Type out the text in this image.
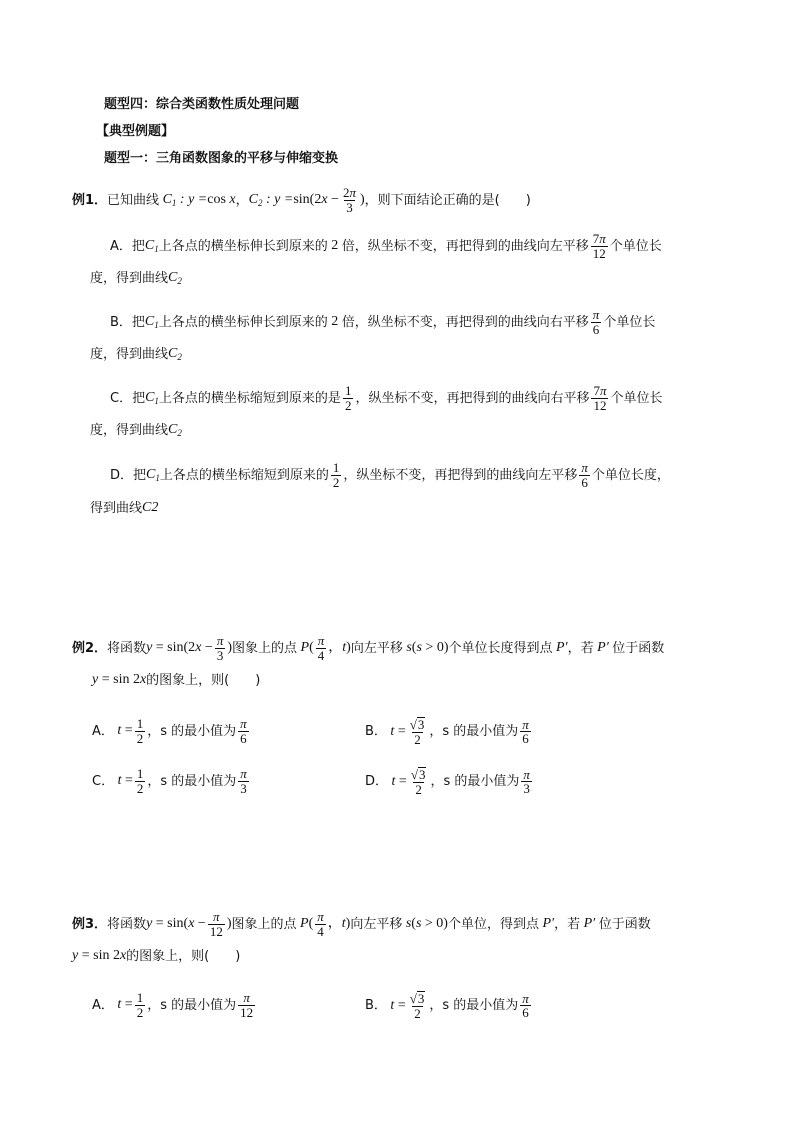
题型四：综合类函数性质处理问题
【典型例题】
题型一：三角函数图象的平移与伸缩变换
例1． 已知曲线 $C_1$ : y = cos x ， $C_2$ : y = sin(2 $x - \frac{2\pi}{3}$ ) ，则下面结论正确的是(　　)
A．把 $C_1$ 上各点的横坐标伸长到原来的
2
倍，纵坐标不变，再把得到的曲线向左平移 $\frac{7\pi}{12}$ 个单位长
度，得到曲线 $C_2$
B．把 $C_1$ 上各点的横坐标伸长到原来的
2
倍，纵坐标不变，再把得到的曲线向右平移 $\frac{\pi}{6}$ 个单位长
度，得到曲线 $C_2$
C．把 $C_1$ 上各点的横坐标缩短到原来的是 $\frac{1}{2}$ ，纵坐标不变，再把得到的曲线向右平移 $\frac{7\pi}{12}$ 个单位长
度，得到曲线 $C_2$
D．把 $C_1$ 上各点的横坐标缩短到原来的 $\frac{1}{2}$ ，纵坐标不变，再把得到的曲线向左平移 $\frac{\pi}{6}$ 个单位长度，
得到曲线 C2
例2． 将函数 y = sin(2 $x - \frac{\pi}{3}$ ) 图象上的点 P ( $\frac{\pi}{4}$ ， t ) 向左平移 s ( s > 0) 个单位长度得到点 P′ ，若 P′ 位于函数
y = sin 2 x 的图象上，则(　　)
A． $t = \frac{1}{2}$ ， s 的最小值为 $\frac{\pi}{6}$	B． $t = \frac{√ 3}{2}$ ， s 的最小值为 $\frac{\pi}{6}$
C． $t = \frac{1}{2}$ ， s 的最小值为 $\frac{\pi}{3}$	D． $t = \frac{√ 3}{2}$ ， s 的最小值为 $\frac{\pi}{3}$
例3． 将函数 y = sin( $x - \frac{\pi}{12}$ ) 图象上的点 P ( $\frac{\pi}{4}$ ， t ) 向左平移 s ( s > 0) 个单位，得到点 P′ ，若 P′ 位于函数
y = sin 2 x 的图象上，则(　　)
A． $t = \frac{1}{2}$ ， s 的最小值为 $\frac{\pi}{12}$	B． $t = \frac{√ 3}{2}$ ， s 的最小值为 $\frac{\pi}{6}$
